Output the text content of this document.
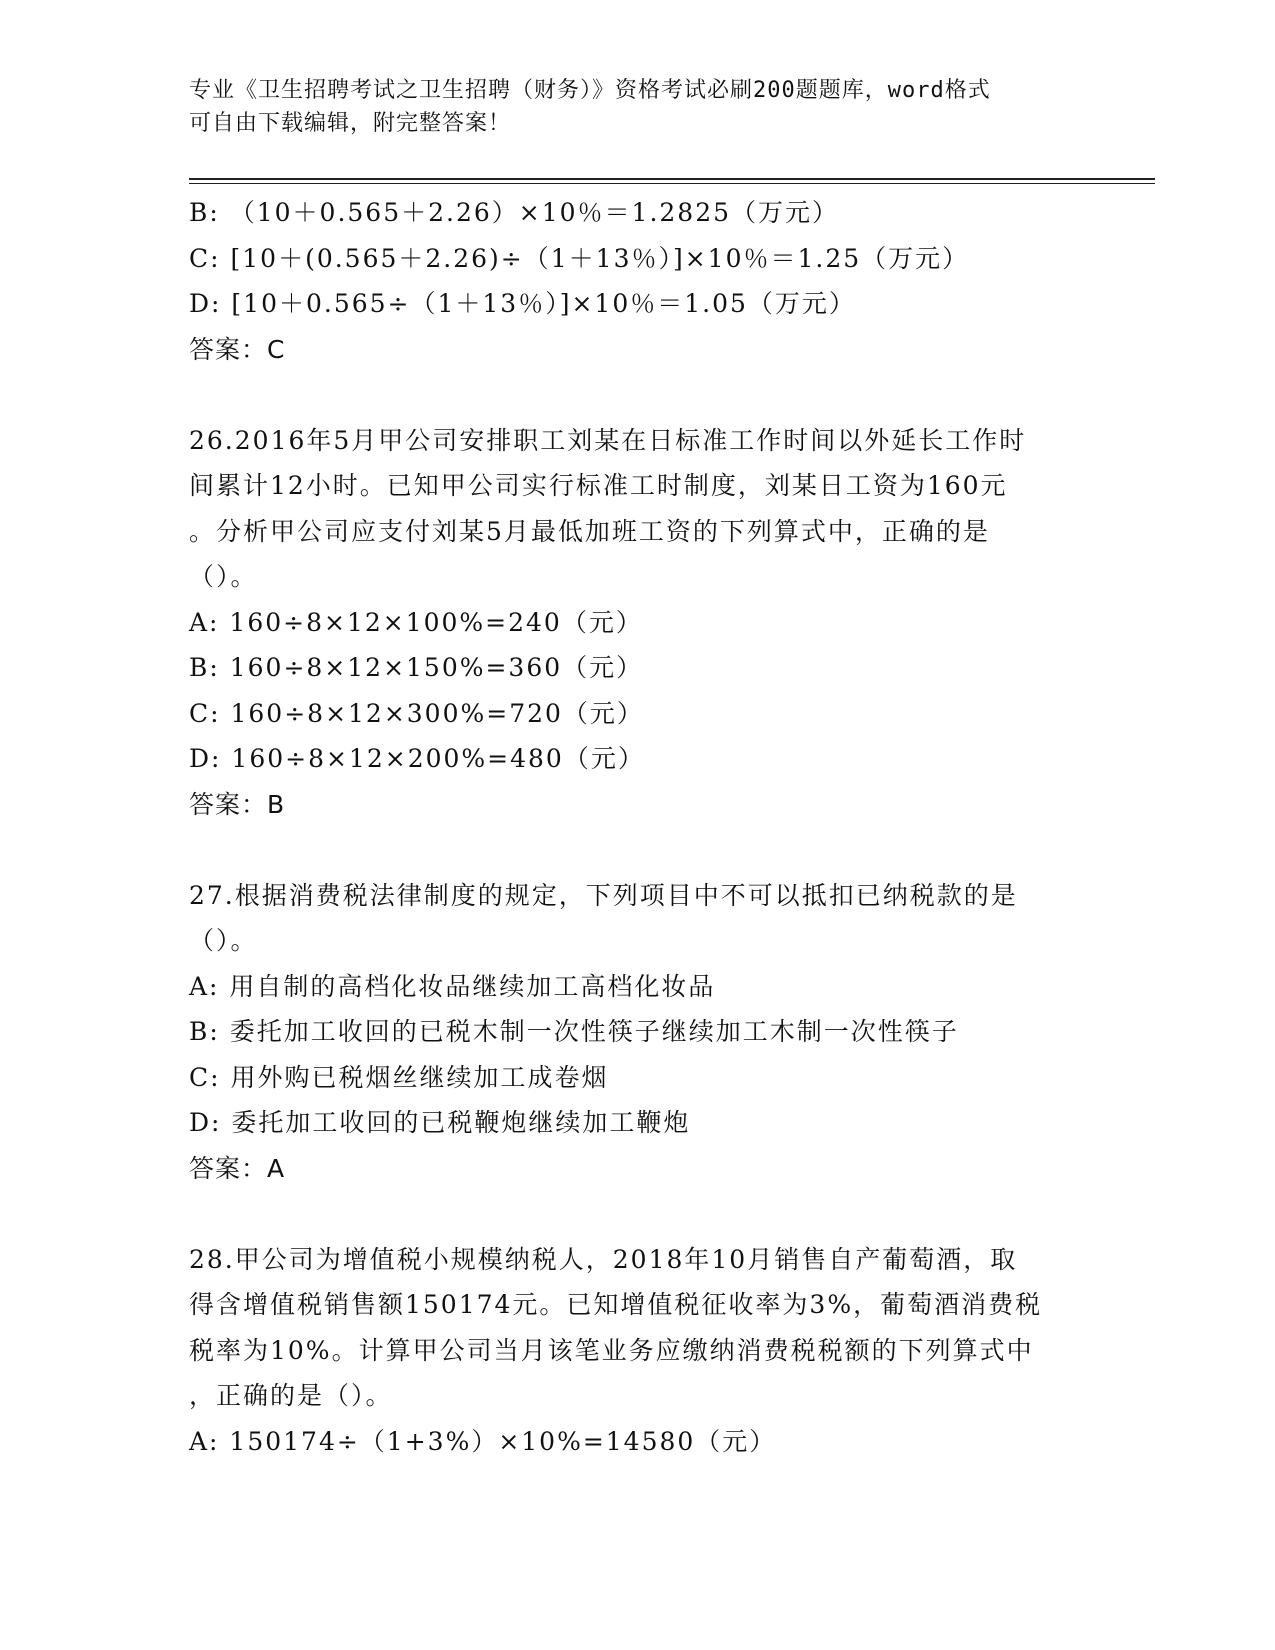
专业《卫生招聘考试之卫生招聘（财务）》资格考试必刷200题题库，word格式
可自由下载编辑，附完整答案！
B: （10＋0.565＋2.26）×10％＝1.2825（万元）
C: [10＋(0.565＋2.26)÷（1＋13％）]×10％＝1.25（万元）
D: [10＋0.565÷（1＋13％）]×10％＝1.05（万元）
答案：C
26.2016年5月甲公司安排职工刘某在日标准工作时间以外延长工作时
间累计12小时。已知甲公司实行标准工时制度，刘某日工资为160元
。分析甲公司应支付刘某5月最低加班工资的下列算式中，正确的是
（）。
A: 160÷8×12×100%=240（元）
B: 160÷8×12×150%=360（元）
C: 160÷8×12×300%=720（元）
D: 160÷8×12×200%=480（元）
答案：B
27.根据消费税法律制度的规定，下列项目中不可以抵扣已纳税款的是
（）。
A: 用自制的高档化妆品继续加工高档化妆品
B: 委托加工收回的已税木制一次性筷子继续加工木制一次性筷子
C: 用外购已税烟丝继续加工成卷烟
D: 委托加工收回的已税鞭炮继续加工鞭炮
答案：A
28.甲公司为增值税小规模纳税人，2018年10月销售自产葡萄酒，取
得含增值税销售额150174元。已知增值税征收率为3%，葡萄酒消费税
税率为10%。计算甲公司当月该笔业务应缴纳消费税税额的下列算式中
，正确的是（）。
A: 150174÷（1+3%）×10%=14580（元）
